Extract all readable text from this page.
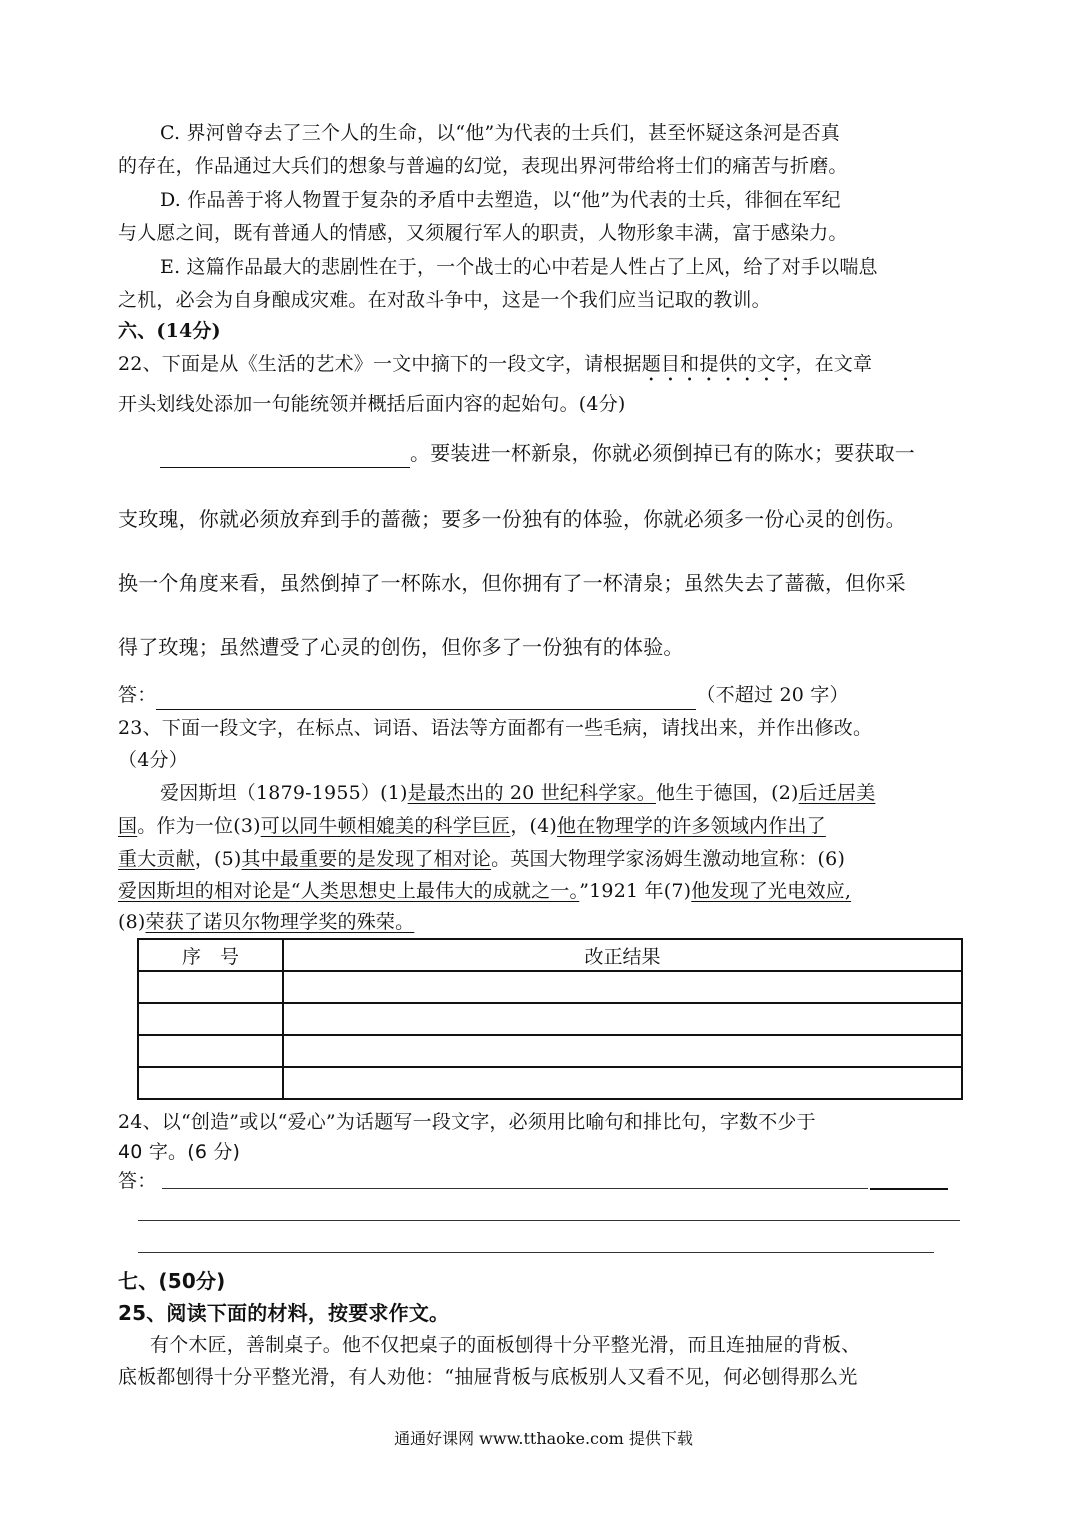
C. 界河曾夺去了三个人的生命，以“他”为代表的士兵们，甚至怀疑这条河是否真
的存在，作品通过大兵们的想象与普遍的幻觉，表现出界河带给将士们的痛苦与折磨。
D. 作品善于将人物置于复杂的矛盾中去塑造，以“他”为代表的士兵，徘徊在军纪
与人愿之间，既有普通人的情感，又须履行军人的职责，人物形象丰满，富于感染力。
E. 这篇作品最大的悲剧性在于，一个战士的心中若是人性占了上风，给了对手以喘息
之机，必会为自身酿成灾难。在对敌斗争中，这是一个我们应当记取的教训。
六、(14分)
22、下面是从《生活的艺术》一文中摘下的一段文字，请根据题目和提供的文字，在文章
开头划线处添加一句能统领并概括后面内容的起始句。(4分)
。要装进一杯新泉，你就必须倒掉已有的陈水；要获取一
支玫瑰，你就必须放弃到手的蔷薇；要多一份独有的体验，你就必须多一份心灵的创伤。
换一个角度来看，虽然倒掉了一杯陈水，但你拥有了一杯清泉；虽然失去了蔷薇，但你采
得了玫瑰；虽然遭受了心灵的创伤，但你多了一份独有的体验。
答：	（不超过 20 字）
23、下面一段文字，在标点、词语、语法等方面都有一些毛病，请找出来，并作出修改。
（4分）
爱因斯坦（1879-1955）(1)是最杰出的 20 世纪科学家。他生于德国，(2)后迁居美
国。作为一位(3)可以同牛顿相媲美的科学巨匠，(4)他在物理学的许多领域内作出了
重大贡献，(5)其中最重要的是发现了相对论。英国大物理学家汤姆生激动地宣称：(6)
爱因斯坦的相对论是“人类思想史上最伟大的成就之一。”1921 年(7)他发现了光电效应,
(8)荣获了诺贝尔物理学奖的殊荣。
序　号	改正结果

24、以“创造”或以“爱心”为话题写一段文字，必须用比喻句和排比句，字数不少于
40 字。(6 分)
答：
七、(50分)
25、阅读下面的材料，按要求作文。
有个木匠，善制桌子。他不仅把桌子的面板刨得十分平整光滑，而且连抽屉的背板、
底板都刨得十分平整光滑，有人劝他：“抽屉背板与底板别人又看不见，何必刨得那么光
通通好课网 www.tthaoke.com 提供下载
